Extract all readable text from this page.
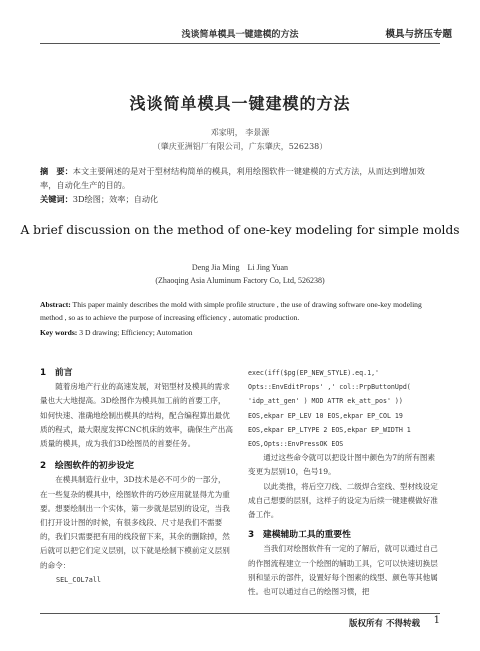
浅谈简单模具一键建模的方法	模具与挤压专题
浅谈简单模具一键建模的方法
邓家明， 李景源
（肇庆亚洲铝厂有限公司，广东肇庆，526238）
摘　要：本文主要阐述的是对于型材结构简单的模具，利用绘图软件一键建模的方式方法，从而达到增加效率，自动化生产的目的。
关键词：3D绘图；效率；自动化
A brief discussion on the method of one-key modeling for simple molds
Deng Jia Ming　Li Jing Yuan
(Zhaoqing Asia Aluminum Factory Co, Ltd, 526238)
Abstract: This paper mainly describes the mold with simple profile structure , the use of drawing software one-key modeling method , so as to achieve the purpose of increasing efficiency , automatic production.
Key words: 3 D drawing; Efficiency; Automation

1　前言

随着房地产行业的高速发展，对铝型材及模具的需求量也大大地提高。3D绘图作为模具加工前的首要工序，如何快速、准确地绘制出模具的结构，配合编程算出最优质的程式，最大限度发挥CNC机床的效率，确保生产出高质量的模具，成为我们3D绘图员的首要任务。

2　绘图软件的初步设定

在模具制造行业中，3D技术是必不可少的一部分，在一些复杂的模具中，绘图软件的巧妙应用就显得尤为重要。想要绘制出一个实体，第一步就是层别的设定，当我们打开设计图的时候，有很多线段、尺寸是我们不需要的，我们只需要把有用的线段留下来，其余的删除掉，然后就可以把它们定义层别，以下就是绘制下模前定义层别的命令：

SEL_COL7all

exec(iff($pg(EP_NEW_STYLE).eq.1,' Opts::EnvEditProps' ,' col::PrpButtonUpd( 'idp_att_gen' ) MOD ATTR ek_att_pos' )) EOS,ekpar EP_LEV 10 EOS,ekpar EP_COL 19 EOS,ekpar EP_LTYPE 2 EOS,ekpar EP_WIDTH 1 EOS,Opts::EnvPressOK EOS

通过这些命令就可以把设计图中颜色为7的所有图素变更为层别10，色号19。

以此类推，将后空刀线、二级焊合室线、型材线设定成自己想要的层别，这样子的设定为后续一键建模做好准备工作。

3　建模辅助工具的重要性

当我们对绘图软件有一定的了解后，就可以通过自己的作图流程建立一个绘图的辅助工具，它可以快速切换层别和显示的部件，设置好每个图素的线型、颜色等其他属性。也可以通过自己的绘图习惯，把

版权所有 不得转载 1
